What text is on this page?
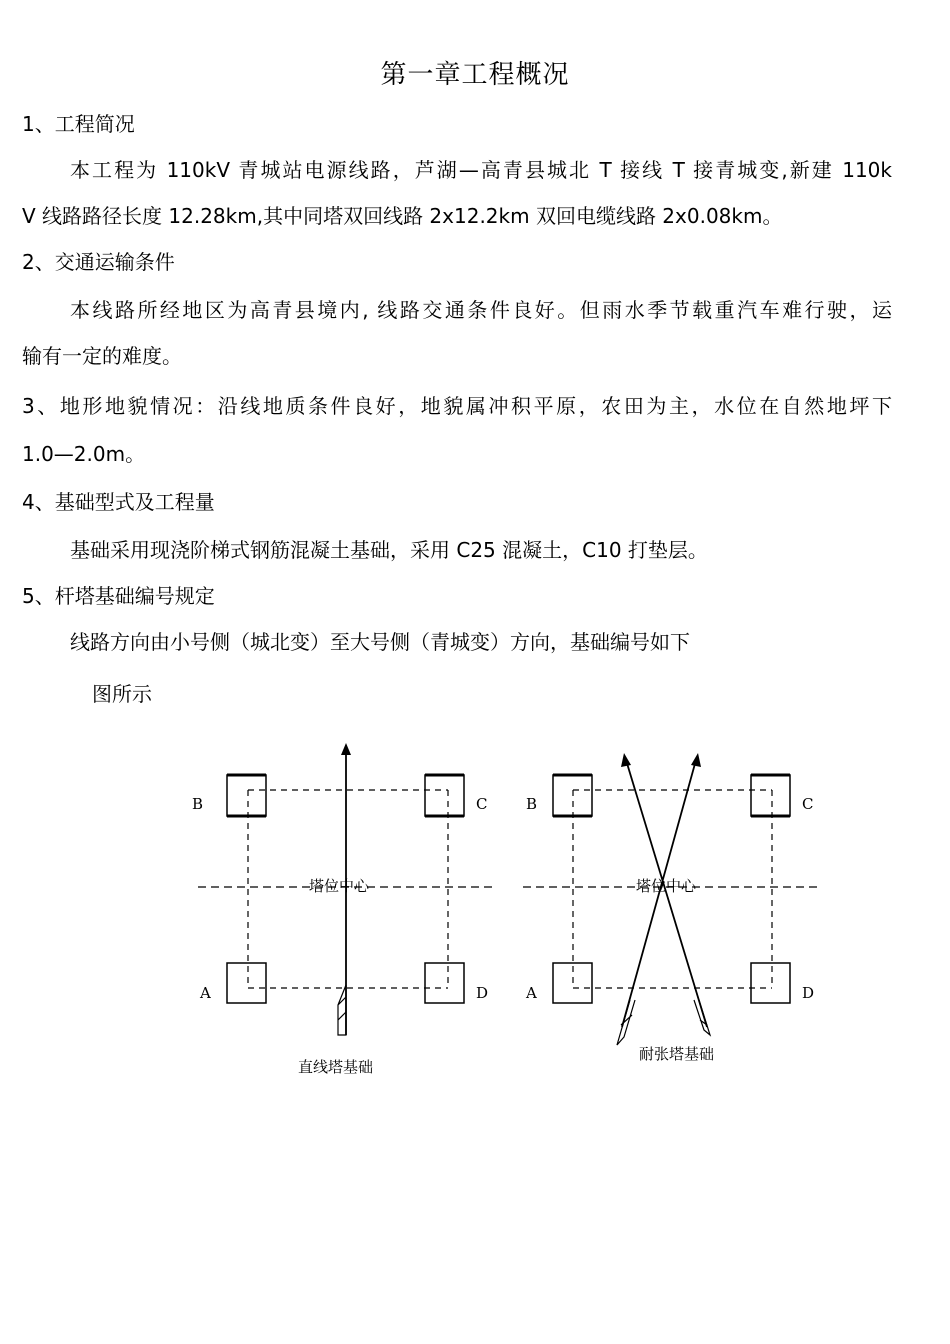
第一章工程概况
1、工程简况
本工程为 110kV 青城站电源线路，芦湖—高青县城北 T 接线 T 接青城变,新建 110k
V 线路路径长度 12.28km,其中同塔双回线路 2x12.2km 双回电缆线路 2x0.08km。
2、交通运输条件
本线路所经地区为高青县境内, 线路交通条件良好。但雨水季节载重汽车难行驶，运
输有一定的难度。
3、地形地貌情况：沿线地质条件良好，地貌属冲积平原，农田为主，水位在自然地坪下
1.0—2.0m。
4、基础型式及工程量
基础采用现浇阶梯式钢筋混凝土基础，采用 C25 混凝土，C10 打垫层。
5、杆塔基础编号规定
线路方向由小号侧（城北变）至大号侧（青城变）方向，基础编号如下
图所示
B	C
A	D
塔位中心
直线塔基础
B	C
A	D
塔位中心
耐张塔基础
